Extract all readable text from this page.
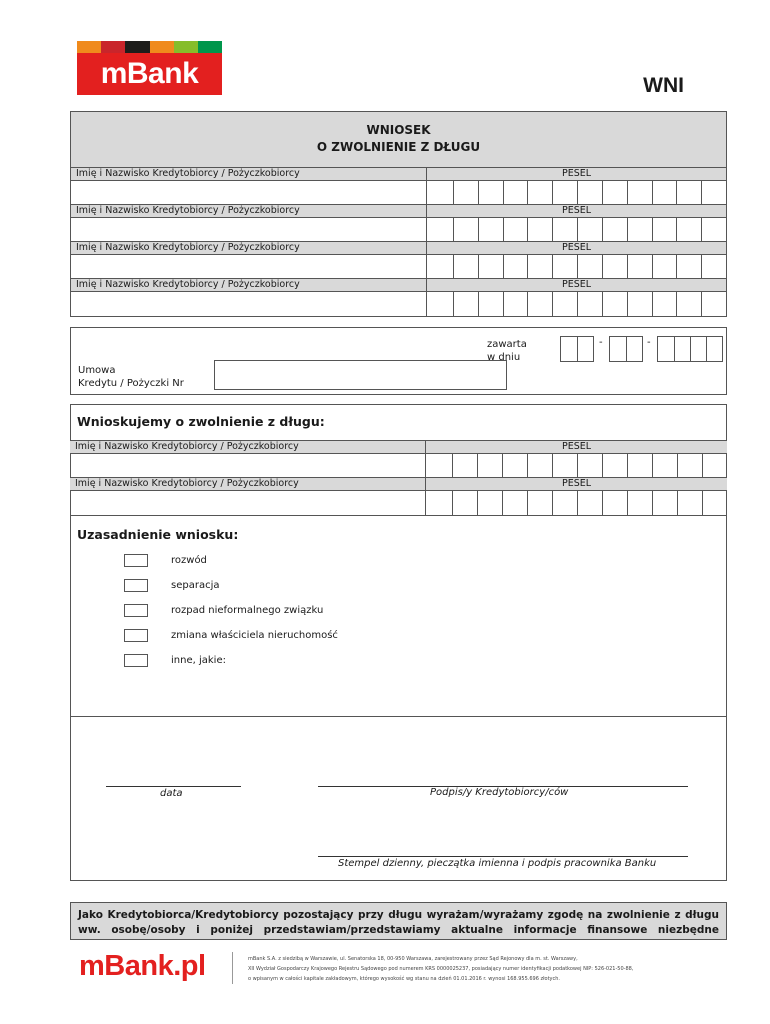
mBank	WNI
WNIOSEK
O ZWOLNIENIE Z DŁUGU
Imię i Nazwisko Kredytobiorcy / Pożyczkobiorcy	PESEL
Imię i Nazwisko Kredytobiorcy / Pożyczkobiorcy	PESEL
Imię i Nazwisko Kredytobiorcy / Pożyczkobiorcy	PESEL
Imię i Nazwisko Kredytobiorcy / Pożyczkobiorcy	PESEL
zawarta
w dniu
-	-
Umowa
Kredytu / Pożyczki Nr
Wnioskujemy o zwolnienie z długu:
Imię i Nazwisko Kredytobiorcy / Pożyczkobiorcy	PESEL
Imię i Nazwisko Kredytobiorcy / Pożyczkobiorcy	PESEL
Uzasadnienie wniosku:
rozwód
separacja
rozpad nieformalnego związku
zmiana właściciela nieruchomość
inne, jakie:
data	Podpis/y Kredytobiorcy/ców
Stempel dzienny, pieczątka imienna i podpis pracownika Banku
Jako Kredytobiorca/Kredytobiorcy pozostający przy długu wyrażam/wyrażamy zgodę na zwolnienie z długu ww. osobę/osoby i poniżej przedstawiam/przedstawiamy aktualne informacje finansowe niezbędne
mBank.pl	mBank S.A. z siedzibą w Warszawie, ul. Senatorska 18, 00-950 Warszawa, zarejestrowany przez Sąd Rejonowy dla m. st. Warszawy,
XII Wydział Gospodarczy Krajowego Rejestru Sądowego pod numerem KRS 0000025237, posiadający numer identyfikacji podatkowej NIP: 526-021-50-88,
o wpisanym w całości kapitale zakładowym, którego wysokość wg stanu na dzień 01.01.2016 r. wynosi 168.955.696 złotych.
